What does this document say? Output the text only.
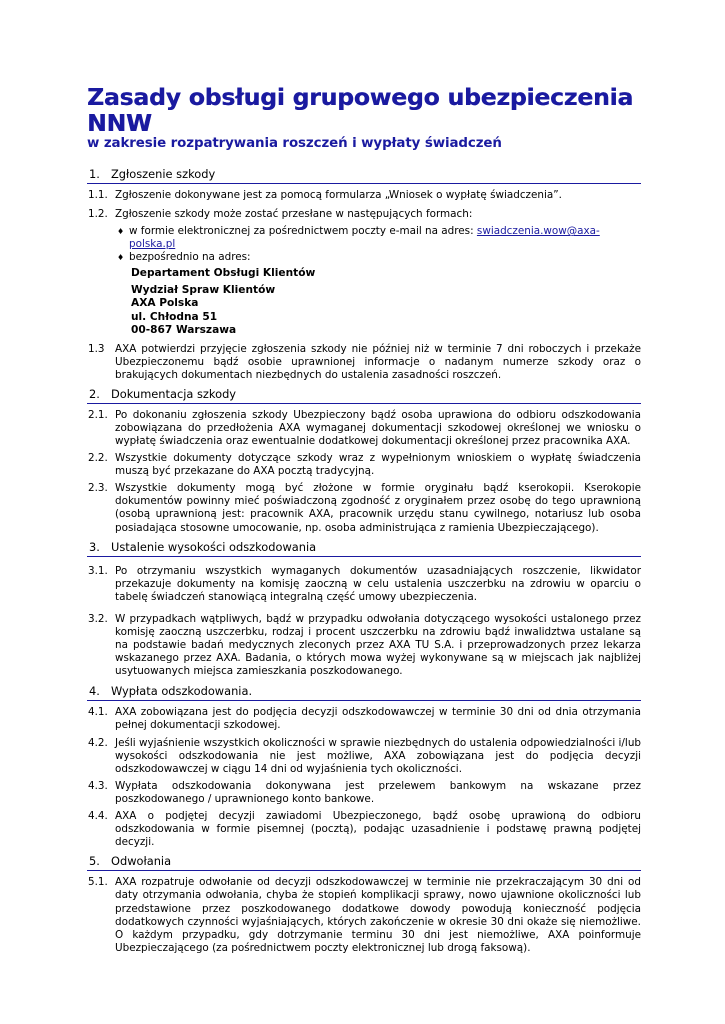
Zasady obsługi grupowego ubezpieczenia NNW
w zakresie rozpatrywania roszczeń i wypłaty świadczeń
1. Zgłoszenie szkody
1.1. Zgłoszenie dokonywane jest za pomocą formularza „Wniosek o wypłatę świadczenia”.
1.2. Zgłoszenie szkody może zostać przesłane w następujących formach:
♦ w formie elektronicznej za pośrednictwem poczty e-mail na adres: swiadczenia.wow@axa-polska.pl
♦ bezpośrednio na adres:
Departament Obsługi Klientów
Wydział Spraw Klientów
AXA Polska
ul. Chłodna 51
00-867 Warszawa
1.3	AXA potwierdzi przyjęcie zgłoszenia szkody nie później niż w terminie 7 dni roboczych i przekaże Ubezpieczonemu bądź osobie uprawnionej informacje o nadanym numerze szkody oraz o brakujących dokumentach niezbędnych do ustalenia zasadności roszczeń.
2. Dokumentacja szkody
2.1. Po dokonaniu zgłoszenia szkody Ubezpieczony bądź osoba uprawiona do odbioru odszkodowania zobowiązana do przedłożenia AXA wymaganej dokumentacji szkodowej określonej we wniosku o wypłatę świadczenia oraz ewentualnie dodatkowej dokumentacji określonej przez pracownika AXA.
2.2. Wszystkie dokumenty dotyczące szkody wraz z wypełnionym wnioskiem o wypłatę świadczenia muszą być przekazane do AXA pocztą tradycyjną.
2.3. Wszystkie dokumenty mogą być złożone w formie oryginału bądź kserokopii. Kserokopie dokumentów powinny mieć poświadczoną zgodność z oryginałem przez osobę do tego uprawnioną (osobą uprawnioną jest: pracownik AXA, pracownik urzędu stanu cywilnego, notariusz lub osoba posiadająca stosowne umocowanie, np. osoba administrująca z ramienia Ubezpieczającego).
3. Ustalenie wysokości odszkodowania
3.1. Po otrzymaniu wszystkich wymaganych dokumentów uzasadniających roszczenie, likwidator przekazuje dokumenty na komisję zaoczną w celu ustalenia uszczerbku na zdrowiu w oparciu o tabelę świadczeń stanowiącą integralną część umowy ubezpieczenia.
3.2. W przypadkach wątpliwych, bądź w przypadku odwołania dotyczącego wysokości ustalonego przez komisję zaoczną uszczerbku, rodzaj i procent uszczerbku na zdrowiu bądź inwalidztwa ustalane są na podstawie badań medycznych zleconych przez AXA TU S.A. i przeprowadzonych przez lekarza wskazanego przez AXA. Badania, o których mowa wyżej wykonywane są w miejscach jak najbliżej usytuowanych miejsca zamieszkania poszkodowanego.
4. Wypłata odszkodowania.
4.1. AXA zobowiązana jest do podjęcia decyzji odszkodowawczej w terminie 30 dni od dnia otrzymania pełnej dokumentacji szkodowej.
4.2. Jeśli wyjaśnienie wszystkich okoliczności w sprawie niezbędnych do ustalenia odpowiedzialności i/lub wysokości odszkodowania nie jest możliwe, AXA zobowiązana jest do podjęcia decyzji odszkodowawczej w ciągu 14 dni od wyjaśnienia tych okoliczności.
4.3. Wypłata odszkodowania dokonywana jest przelewem bankowym na wskazane przez poszkodowanego / uprawnionego konto bankowe.
4.4. AXA o podjętej decyzji zawiadomi Ubezpieczonego, bądź osobę uprawioną do odbioru odszkodowania w formie pisemnej (pocztą), podając uzasadnienie i podstawę prawną podjętej decyzji.
5. Odwołania
5.1. AXA rozpatruje odwołanie od decyzji odszkodowawczej w terminie nie przekraczającym 30 dni od daty otrzymania odwołania, chyba że stopień komplikacji sprawy, nowo ujawnione okoliczności lub przedstawione przez poszkodowanego dodatkowe dowody powodują konieczność podjęcia dodatkowych czynności wyjaśniających, których zakończenie w okresie 30 dni okaże się niemożliwe. O każdym przypadku, gdy dotrzymanie terminu 30 dni jest niemożliwe, AXA poinformuje Ubezpieczającego (za pośrednictwem poczty elektronicznej lub drogą faksową).
